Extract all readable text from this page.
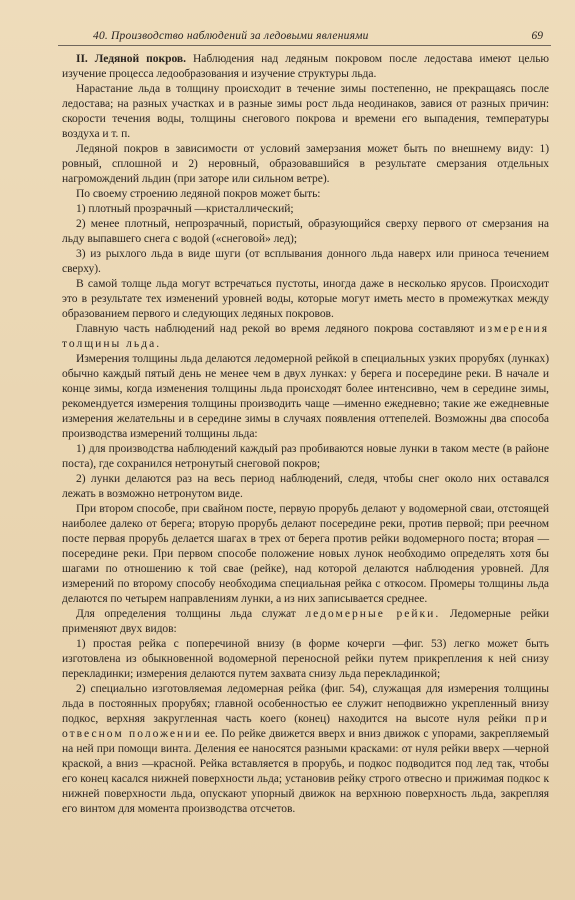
40. Производство наблюдений за ледовыми явлениями	69

II. Ледяной покров. Наблюдения над ледяным покровом после ледостава имеют целью изучение процесса ледообразования и изучение структуры льда.

Нарастание льда в толщину происходит в течение зимы постепенно, не прекращаясь после ледостава; на разных участках и в разные зимы рост льда неодинаков, завися от разных причин: скорости течения воды, толщины снегового покрова и времени его выпадения, температуры воздуха и т. п.

Ледяной покров в зависимости от условий замерзания может быть по внешнему виду: 1) ровный, сплошной и 2) неровный, образовавшийся в результате смерзания отдельных нагромождений льдин (при заторе или сильном ветре).

По своему строению ледяной покров может быть:

1) плотный прозрачный —кристаллический;

2) менее плотный, непрозрачный, пористый, образующийся сверху первого от смерзания на льду выпавшего снега с водой («снеговой» лед);

3) из рыхлого льда в виде шуги (от всплывания донного льда наверх или приноса течением сверху).

В самой толще льда могут встречаться пустоты, иногда даже в несколько ярусов. Происходит это в результате тех изменений уровней воды, которые могут иметь место в промежутках между образованием первого и следующих ледяных покровов.

Главную часть наблюдений над рекой во время ледяного покрова составляют измерения толщины льда.

Измерения толщины льда делаются ледомерной рейкой в специальных узких прорубях (лунках) обычно каждый пятый день не менее чем в двух лунках: у берега и посередине реки. В начале и конце зимы, когда изменения толщины льда происходят более интенсивно, чем в середине зимы, рекомендуется измерения толщины производить чаще —именно ежедневно; такие же ежедневные измерения желательны и в середине зимы в случаях появления оттепелей. Возможны два способа производства измерений толщины льда:

1) для производства наблюдений каждый раз пробиваются новые лунки в таком месте (в районе поста), где сохранился нетронутый снеговой покров;

2) лунки делаются раз на весь период наблюдений, следя, чтобы снег около них оставался лежать в возможно нетронутом виде.

При втором способе, при свайном посте, первую прорубь делают у водомерной сваи, отстоящей наиболее далеко от берега; вторую прорубь делают посередине реки, против первой; при реечном посте первая прорубь делается шагах в трех от берега против рейки водомерного поста; вторая —посередине реки. При первом способе положение новых лунок необходимо определять хотя бы шагами по отношению к той свае (рейке), над которой делаются наблюдения уровней. Для измерений по второму способу необходима специальная рейка с откосом. Промеры толщины льда делаются по четырем направлениям лунки, а из них записывается среднее.

Для определения толщины льда служат ледомерные рейки. Ледомерные рейки применяют двух видов:

1) простая рейка с поперечиной внизу (в форме кочерги —фиг. 53) легко может быть изготовлена из обыкновенной водомерной переносной рейки путем прикрепления к ней снизу перекладинки; измерения делаются путем захвата снизу льда перекладинкой;

2) специально изготовляемая ледомерная рейка (фиг. 54), служащая для измерения толщины льда в постоянных прорубях; главной особенностью ее служит неподвижно укрепленный внизу подкос, верхняя закругленная часть коего (конец) находится на высоте нуля рейки при отвесном положении ее. По рейке движется вверх и вниз движок с упорами, закрепляемый на ней при помощи винта. Деления ее наносятся разными красками: от нуля рейки вверх —черной краской, а вниз —красной. Рейка вставляется в прорубь, и подкос подводится под лед так, чтобы его конец касался нижней поверхности льда; установив рейку строго отвесно и прижимая подкос к нижней поверхности льда, опускают упорный движок на верхнюю поверхность льда, закрепляя его винтом для момента производства отсчетов.
